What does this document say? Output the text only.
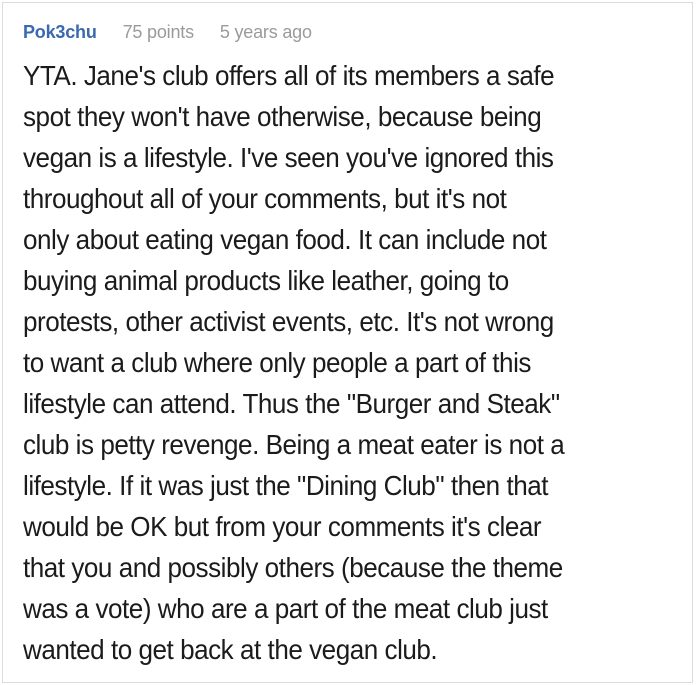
Pok3chu 75 points 5 years ago
YTA. Jane's club offers all of its members a safe
spot they won't have otherwise, because being
vegan is a lifestyle. I've seen you've ignored this
throughout all of your comments, but it's not
only about eating vegan food. It can include not
buying animal products like leather, going to
protests, other activist events, etc. It's not wrong
to want a club where only people a part of this
lifestyle can attend. Thus the "Burger and Steak"
club is petty revenge. Being a meat eater is not a
lifestyle. If it was just the "Dining Club" then that
would be OK but from your comments it's clear
that you and possibly others (because the theme
was a vote) who are a part of the meat club just
wanted to get back at the vegan club.
